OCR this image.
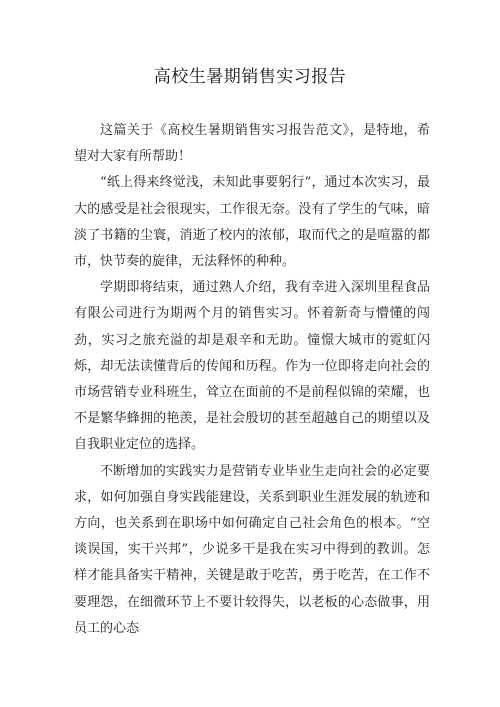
高校生暑期销售实习报告

这篇关于《高校生暑期销售实习报告范文》，是特地，希望对大家有所帮助！

“纸上得来终觉浅，未知此事要躬行”，通过本次实习，最大的感受是社会很现实，工作很无奈。没有了学生的气味，暗淡了书籍的尘寰，消逝了校内的浓郁，取而代之的是喧嚣的都市，快节奏的旋律，无法释怀的种种。

学期即将结束，通过熟人介绍，我有幸进入深圳里程食品有限公司进行为期两个月的销售实习。怀着新奇与懵懂的闯劲，实习之旅充溢的却是艰辛和无助。憧憬大城市的霓虹闪烁，却无法读懂背后的传闻和历程。作为一位即将走向社会的市场营销专业科班生，耸立在面前的不是前程似锦的荣耀，也不是繁华蜂拥的艳羡，是社会殷切的甚至超越自己的期望以及自我职业定位的选择。

不断增加的实践实力是营销专业毕业生走向社会的必定要求，如何加强自身实践能建设，关系到职业生涯发展的轨迹和方向，也关系到在职场中如何确定自己社会角色的根本。“空谈误国，实干兴邦”，少说多干是我在实习中得到的教训。怎样才能具备实干精神，关键是敢于吃苦，勇于吃苦，在工作不要理怨，在细微环节上不要计较得失，以老板的心态做事，用员工的心态
